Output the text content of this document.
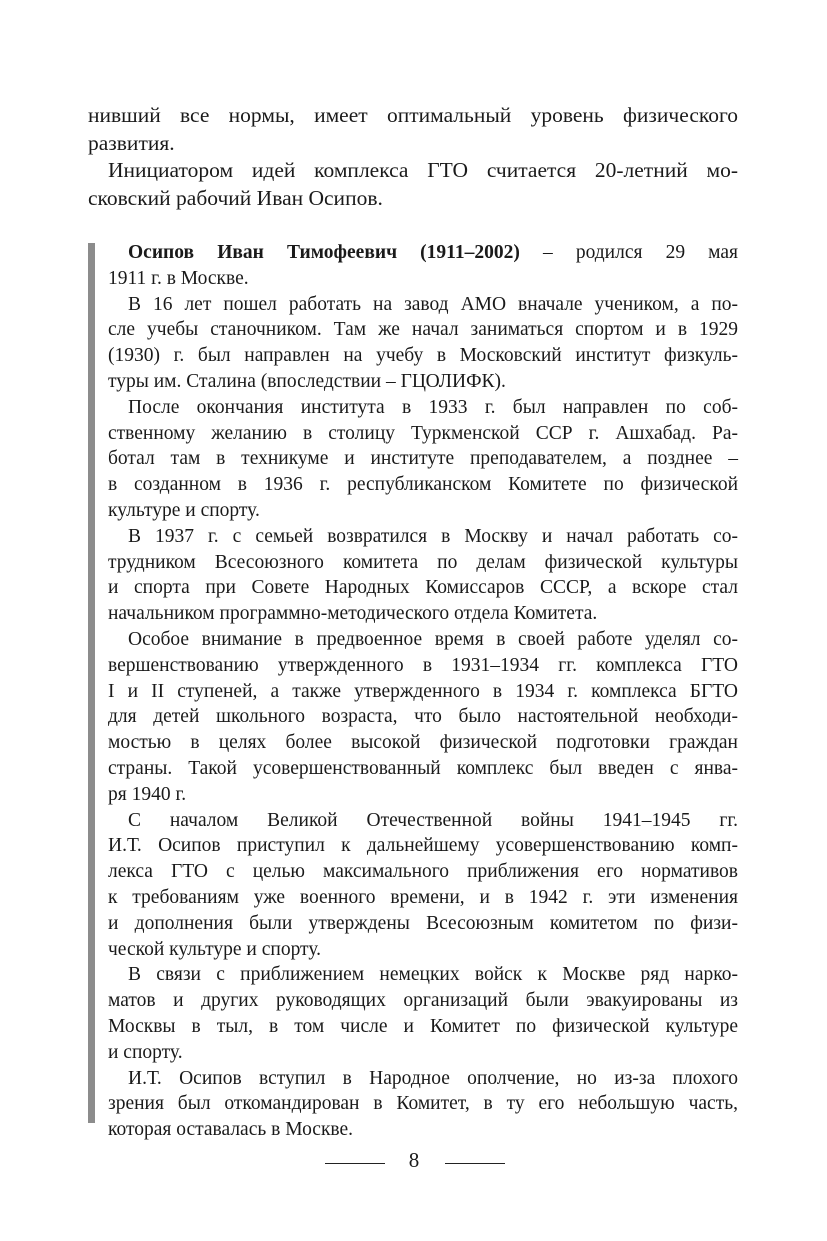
нивший все нормы, имеет оптимальный уровень физического
развития.
Инициатором идей комплекса ГТО считается 20-летний мо-
сковский рабочий Иван Осипов.
Осипов Иван Тимофеевич (1911–2002) – родился 29 мая
1911 г. в Москве.
В 16 лет пошел работать на завод АМО вначале учеником, а по-
сле учебы станочником. Там же начал заниматься спортом и в 1929
(1930) г. был направлен на учебу в Московский институт физкуль-
туры им. Сталина (впоследствии – ГЦОЛИФК).
После окончания института в 1933 г. был направлен по соб-
ственному желанию в столицу Туркменской ССР г. Ашхабад. Ра-
ботал там в техникуме и институте преподавателем, а позднее –
в созданном в 1936 г. республиканском Комитете по физической
культуре и спорту.
В 1937 г. с семьей возвратился в Москву и начал работать со-
трудником Всесоюзного комитета по делам физической культуры
и спорта при Совете Народных Комиссаров СССР, а вскоре стал
начальником программно-методического отдела Комитета.
Особое внимание в предвоенное время в своей работе уделял со-
вершенствованию утвержденного в 1931–1934 гг. комплекса ГТО
I и II ступеней, а также утвержденного в 1934 г. комплекса БГТО
для детей школьного возраста, что было настоятельной необходи-
мостью в целях более высокой физической подготовки граждан
страны. Такой усовершенствованный комплекс был введен с янва-
ря 1940 г.
С началом Великой Отечественной войны 1941–1945 гг.
И.Т. Осипов приступил к дальнейшему усовершенствованию комп-
лекса ГТО с целью максимального приближения его нормативов
к требованиям уже военного времени, и в 1942 г. эти изменения
и дополнения были утверждены Всесоюзным комитетом по физи-
ческой культуре и спорту.
В связи с приближением немецких войск к Москве ряд нарко-
матов и других руководящих организаций были эвакуированы из
Москвы в тыл, в том числе и Комитет по физической культуре
и спорту.
И.Т. Осипов вступил в Народное ополчение, но из-за плохого
зрения был откомандирован в Комитет, в ту его небольшую часть,
которая оставалась в Москве.
8
